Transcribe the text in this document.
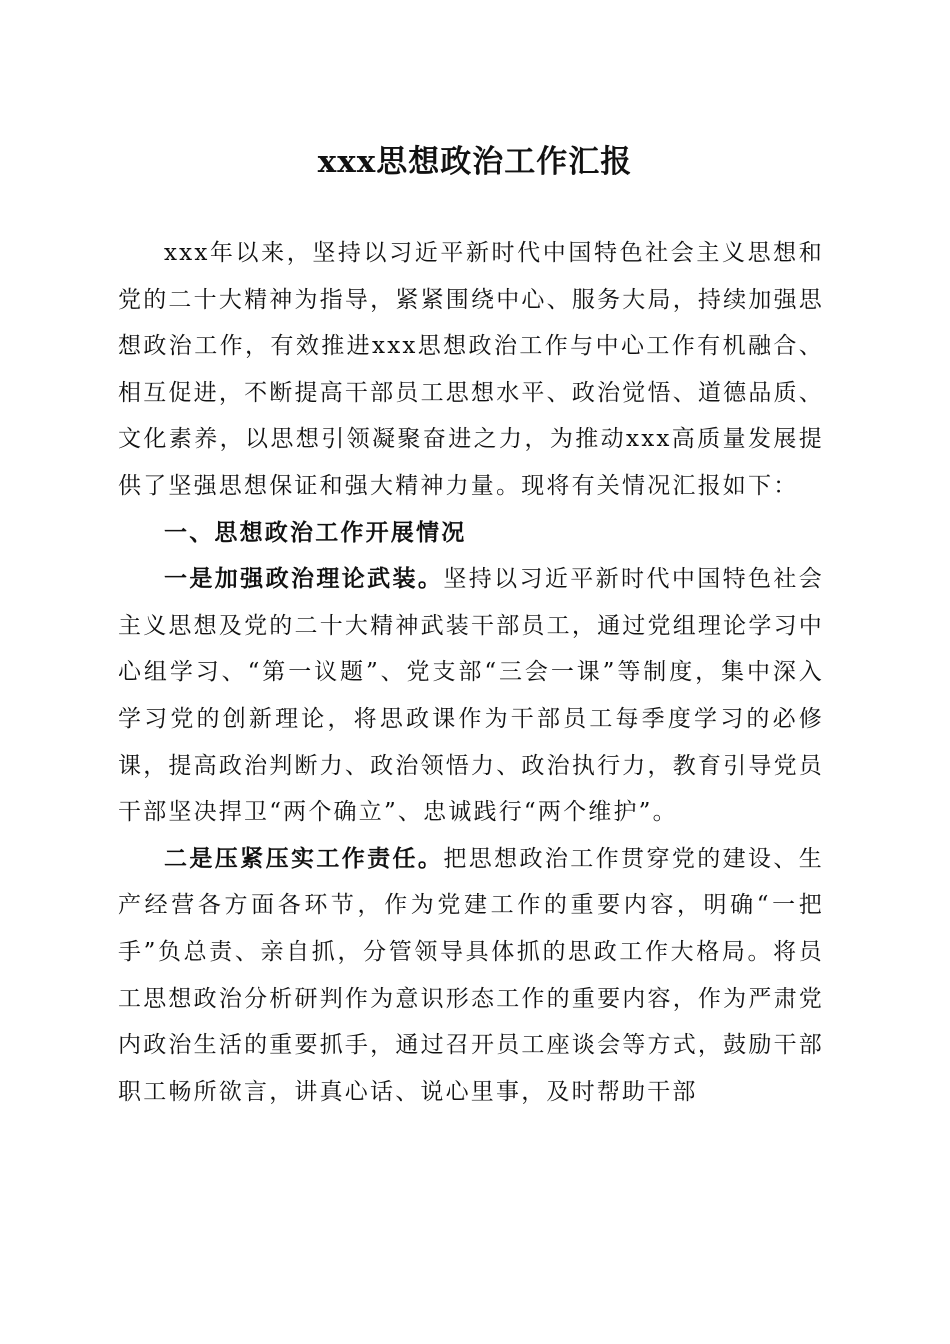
xxx思想政治工作汇报

xxx年以来，坚持以习近平新时代中国特色社会主义思想和党的二十大精神为指导，紧紧围绕中心、服务大局，持续加强思想政治工作，有效推进xxx思想政治工作与中心工作有机融合、相互促进，不断提高干部员工思想水平、政治觉悟、道德品质、文化素养，以思想引领凝聚奋进之力，为推动xxx高质量发展提供了坚强思想保证和强大精神力量。现将有关情况汇报如下：

一、思想政治工作开展情况

一是加强政治理论武装。坚持以习近平新时代中国特色社会主义思想及党的二十大精神武装干部员工，通过党组理论学习中心组学习、“第一议题”、党支部“三会一课”等制度，集中深入学习党的创新理论，将思政课作为干部员工每季度学习的必修课，提高政治判断力、政治领悟力、政治执行力，教育引导党员干部坚决捍卫“两个确立”、忠诚践行“两个维护”。

二是压紧压实工作责任。把思想政治工作贯穿党的建设、生产经营各方面各环节，作为党建工作的重要内容，明确“一把手”负总责、亲自抓，分管领导具体抓的思政工作大格局。将员工思想政治分析研判作为意识形态工作的重要内容，作为严肃党内政治生活的重要抓手，通过召开员工座谈会等方式，鼓励干部职工畅所欲言，讲真心话、说心里事，及时帮助干部
